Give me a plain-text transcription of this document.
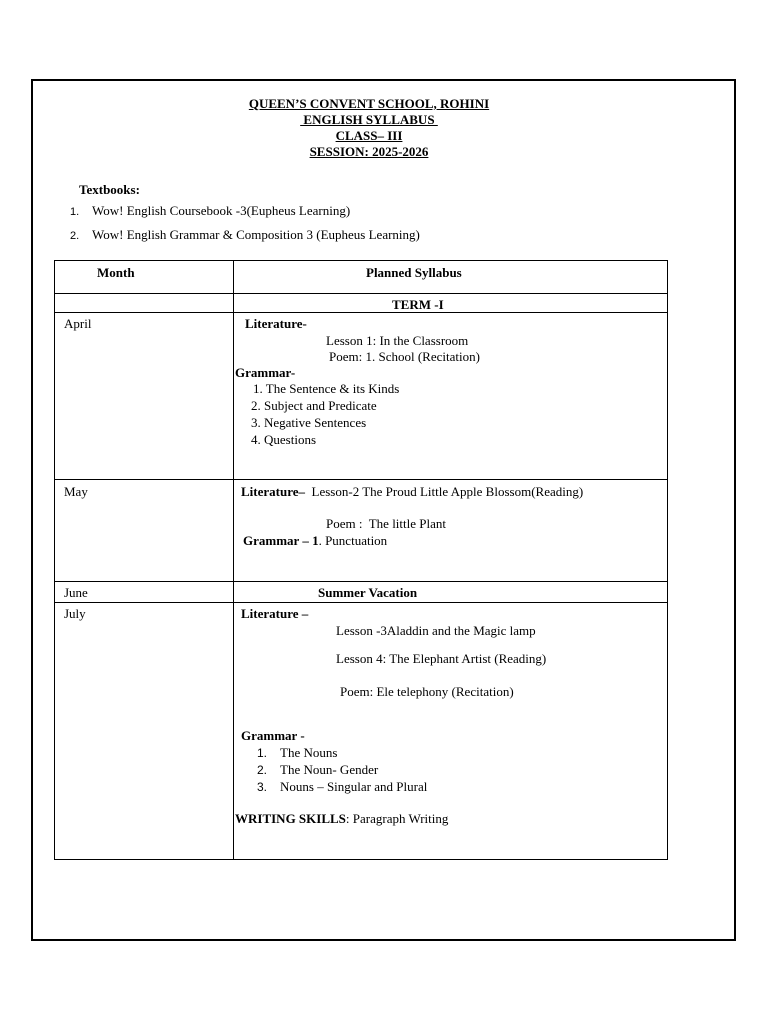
QUEEN’S CONVENT SCHOOL, ROHINI
ENGLISH SYLLABUS
CLASS– III
SESSION: 2025-2026
Textbooks:
1. Wow! English Coursebook -3(Eupheus Learning)
2. Wow! English Grammar & Composition 3 (Eupheus Learning)
Month	Planned Syllabus
TERM -I
April	Literature-
Lesson 1: In the Classroom
Poem: 1. School (Recitation)
Grammar-
1. The Sentence & its Kinds
2. Subject and Predicate
3. Negative Sentences
4. Questions
May	Literature– Lesson-2 The Proud Little Apple Blossom(Reading)
Poem :  The little Plant
Grammar – 1. Punctuation
June	Summer Vacation
July	Literature –
Lesson -3Aladdin and the Magic lamp
Lesson 4: The Elephant Artist (Reading)
Poem: Ele telephony (Recitation)
Grammar -
1. The Nouns
2. The Noun- Gender
3. Nouns – Singular and Plural
WRITING SKILLS: Paragraph Writing
